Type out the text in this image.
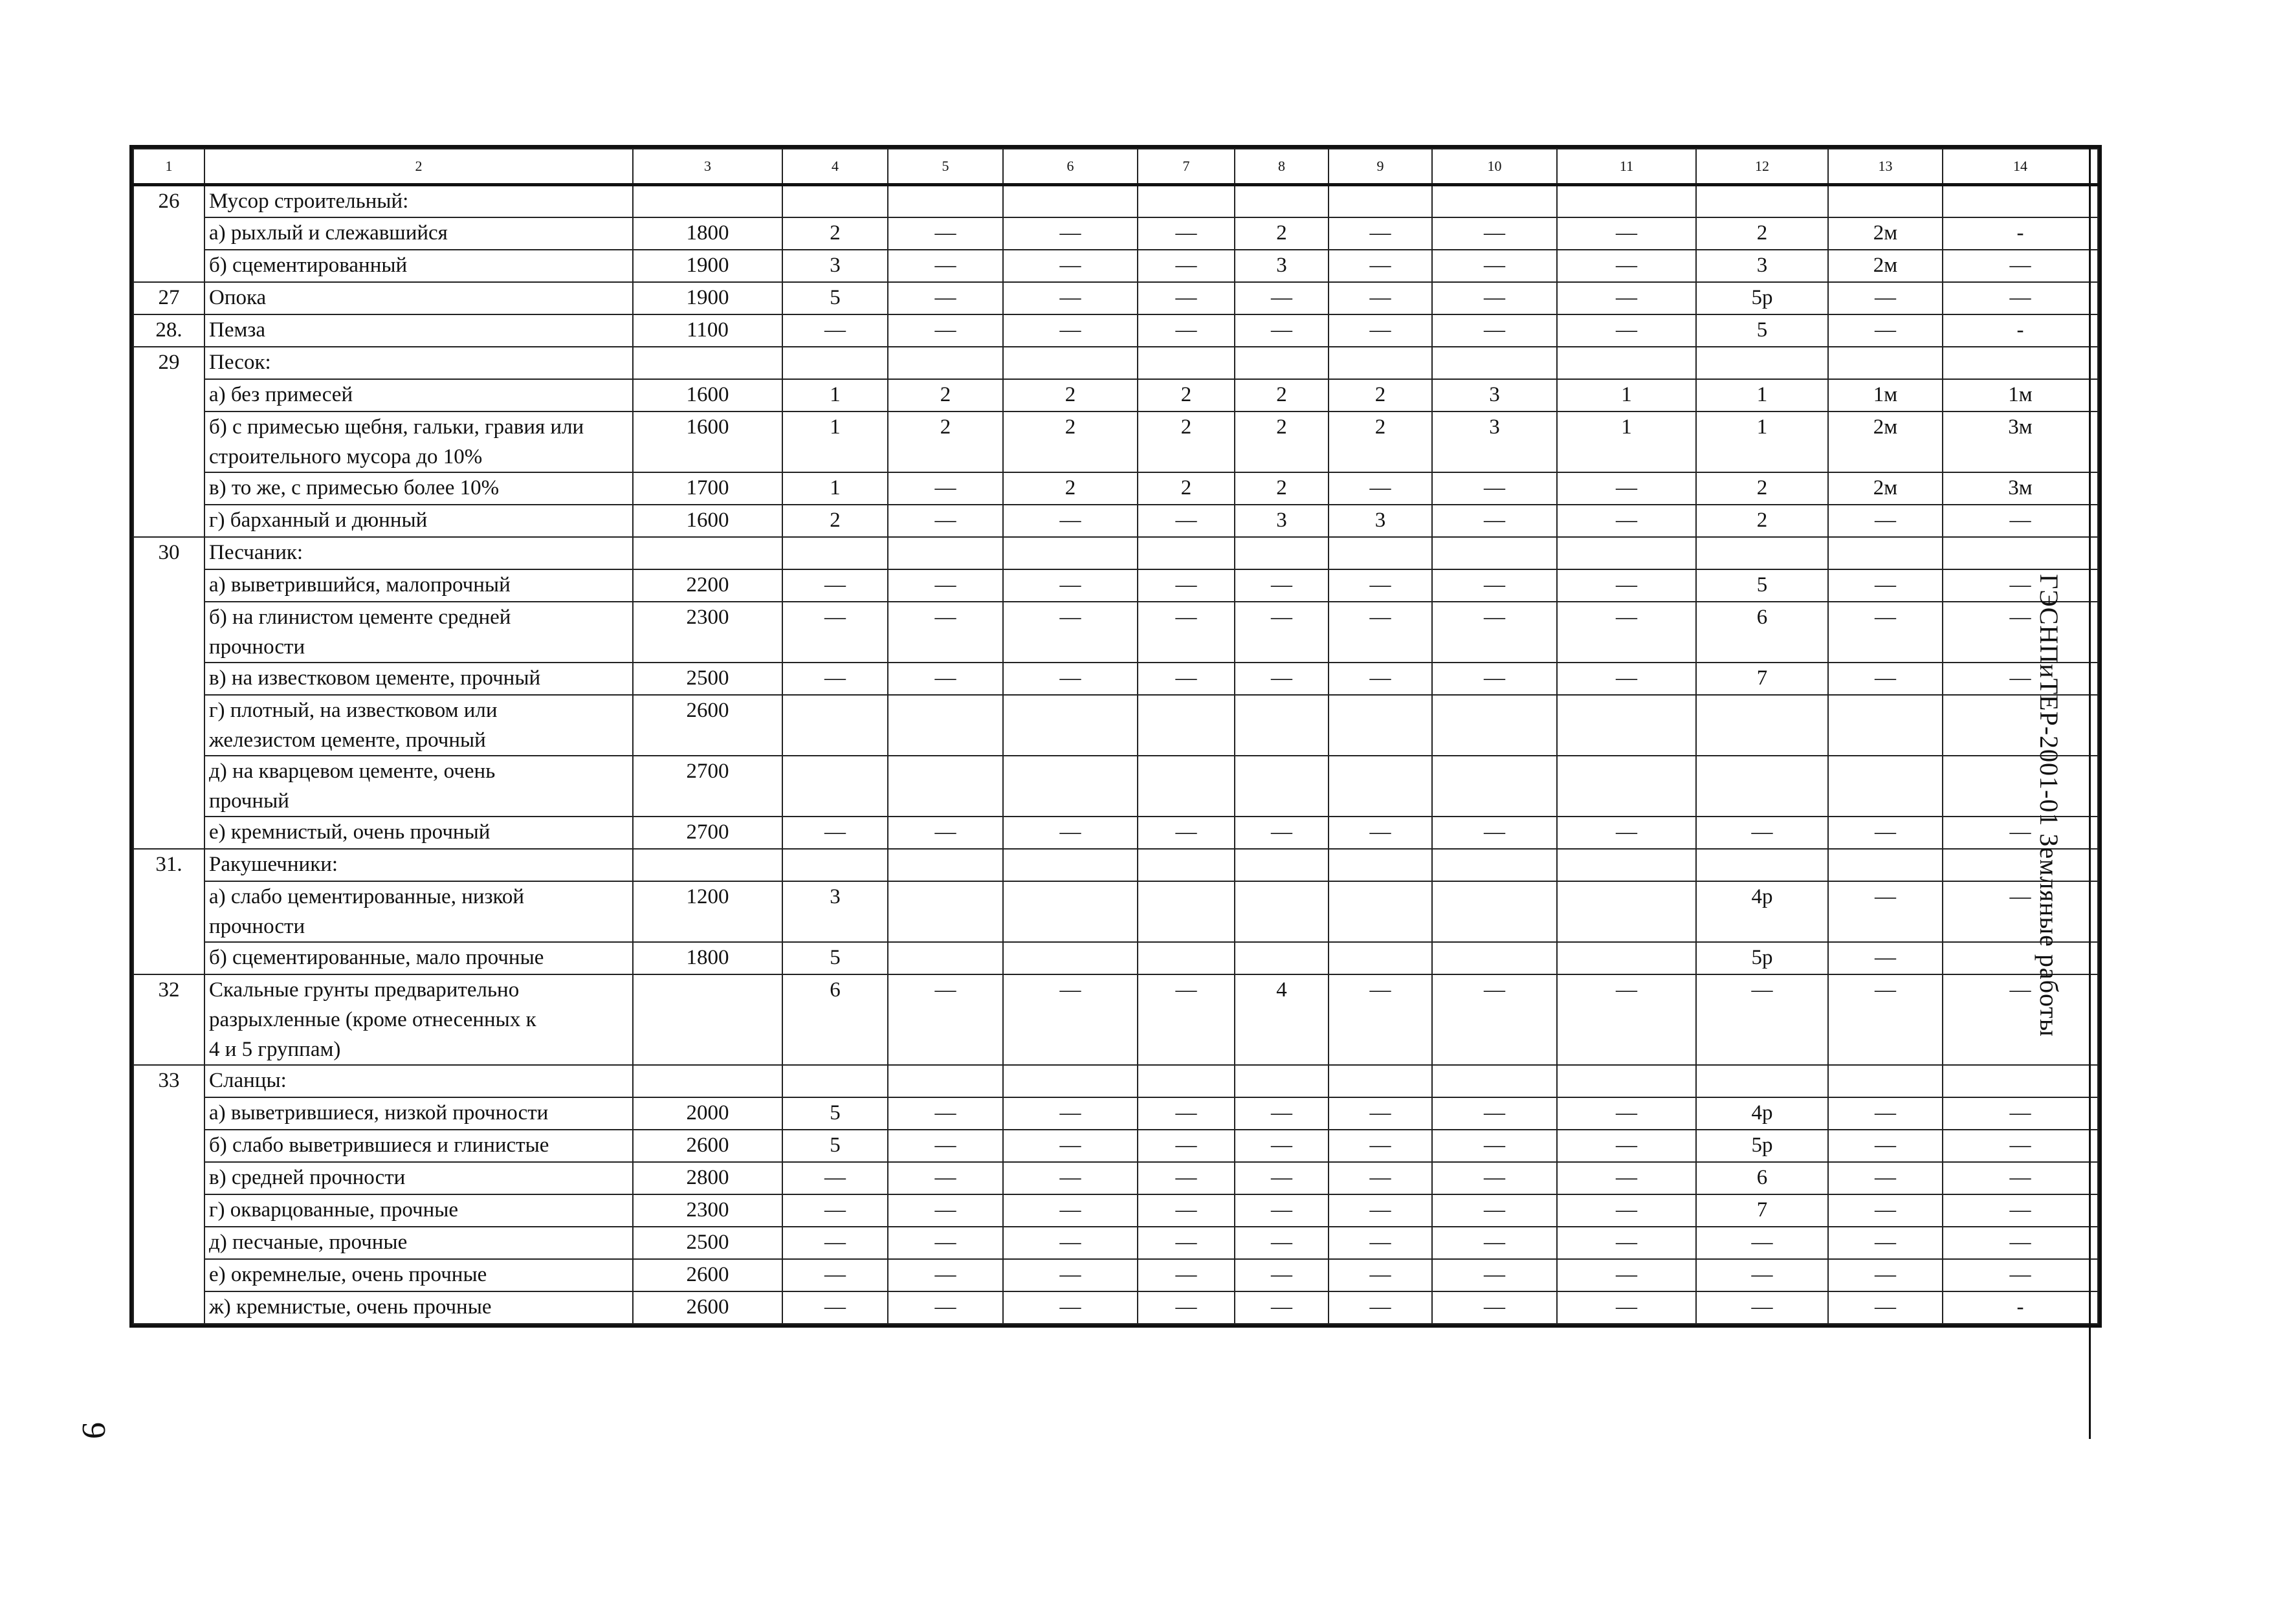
1	2	3	4	5	6	7	8	9	10	11	12	13	14
26	Мусор строительный:												

	а) рыхлый и слежавшийся	1800	2	—	—	—	2	—	—	—	2	2м	-

	б) сцементированный	1900	3	—	—	—	3	—	—	—	3	2м	—
27	Опока	1900	5	—	—	—	—	—	—	—	5р	—	—
28.	Пемза	1100	—	—	—	—	—	—	—	—	5	—	-
29	Песок:												

	а) без примесей	1600	1	2	2	2	2	2	3	1	1	1м	1м

	б) с примесью щебня, гальки, гравия или
строительного мусора до 10%	1600	1	2	2	2	2	2	3	1	1	2м	3м

	в) то же, с примесью более 10%	1700	1	—	2	2	2	—	—	—	2	2м	3м

	г) барханный и дюнный	1600	2	—	—	—	3	3	—	—	2	—	—
30	Песчаник:												

	а) выветрившийся, малопрочный	2200	—	—	—	—	—	—	—	—	5	—	—

	б) на глинистом цементе средней
прочности	2300	—	—	—	—	—	—	—	—	6	—	—

	в) на известковом цементе, прочный	2500	—	—	—	—	—	—	—	—	7	—	—

	г) плотный, на известковом или
железистом цементе, прочный	2600											

	д) на кварцевом цементе, очень
прочный	2700											

	е) кремнистый, очень прочный	2700	—	—	—	—	—	—	—	—	—	—	—
31.	Ракушечники:												

	а) слабо цементированные, низкой
прочности	1200	3								4р	—	—

	б) сцементированные, мало прочные	1800	5								5р	—	
32	Скальные грунты предварительно
разрыхленные (кроме отнесенных к
4 и 5 группам)		6	—	—	—	4	—	—	—	—	—	—
33	Сланцы:												

	а) выветрившиеся, низкой прочности	2000	5	—	—	—	—	—	—	—	4р	—	—

	б) слабо выветрившиеся и глинистые	2600	5	—	—	—	—	—	—	—	5р	—	—

	в) средней прочности	2800	—	—	—	—	—	—	—	—	6	—	—

	г) окварцованные, прочные	2300	—	—	—	—	—	—	—	—	7	—	—

	д) песчаные, прочные	2500	—	—	—	—	—	—	—	—	—	—	—

	е) окремнелые, очень прочные	2600	—	—	—	—	—	—	—	—	—	—	—

	ж) кремнистые, очень прочные	2600	—	—	—	—	—	—	—	—	—	—	-
ГЭСНПиТЕР-2001-01 Земляные работы
9
